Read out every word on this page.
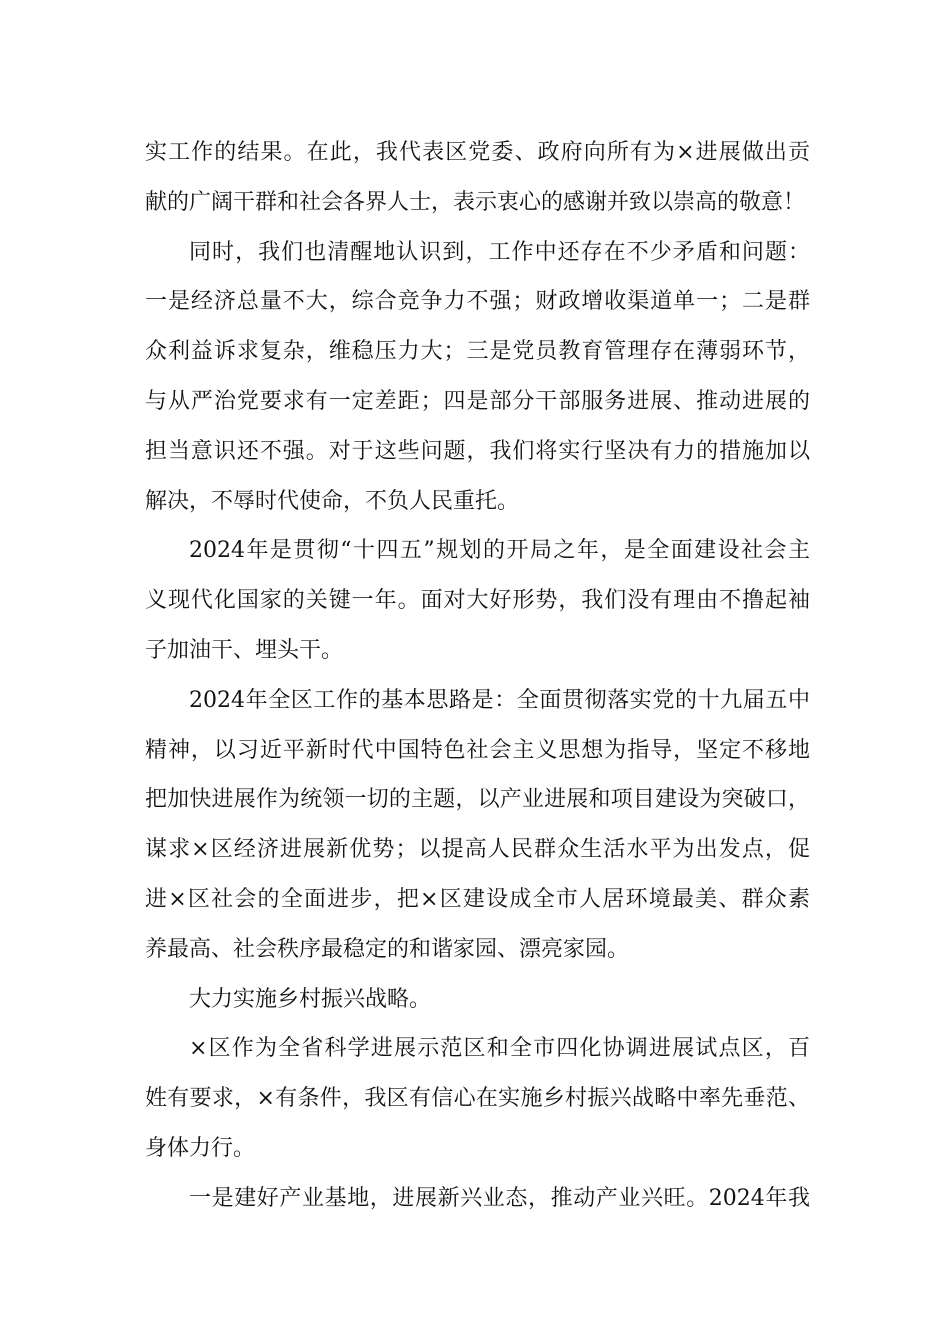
实工作的结果。在此，我代表区党委、政府向所有为×进展做出贡
献的广阔干群和社会各界人士，表示衷心的感谢并致以崇高的敬意！
同时，我们也清醒地认识到，工作中还存在不少矛盾和问题：
一是经济总量不大，综合竞争力不强；财政增收渠道单一；二是群
众利益诉求复杂，维稳压力大；三是党员教育管理存在薄弱环节，
与从严治党要求有一定差距；四是部分干部服务进展、推动进展的
担当意识还不强。对于这些问题，我们将实行坚决有力的措施加以
解决，不辱时代使命，不负人民重托。
2024年是贯彻“十四五”规划的开局之年，是全面建设社会主
义现代化国家的关键一年。面对大好形势，我们没有理由不撸起袖
子加油干、埋头干。
2024年全区工作的基本思路是：全面贯彻落实党的十九届五中
精神，以习近平新时代中国特色社会主义思想为指导，坚定不移地
把加快进展作为统领一切的主题，以产业进展和项目建设为突破口，
谋求×区经济进展新优势；以提高人民群众生活水平为出发点，促
进×区社会的全面进步，把×区建设成全市人居环境最美、群众素
养最高、社会秩序最稳定的和谐家园、漂亮家园。
大力实施乡村振兴战略。
×区作为全省科学进展示范区和全市四化协调进展试点区，百
姓有要求，×有条件，我区有信心在实施乡村振兴战略中率先垂范、
身体力行。
一是建好产业基地，进展新兴业态，推动产业兴旺。2024年我
